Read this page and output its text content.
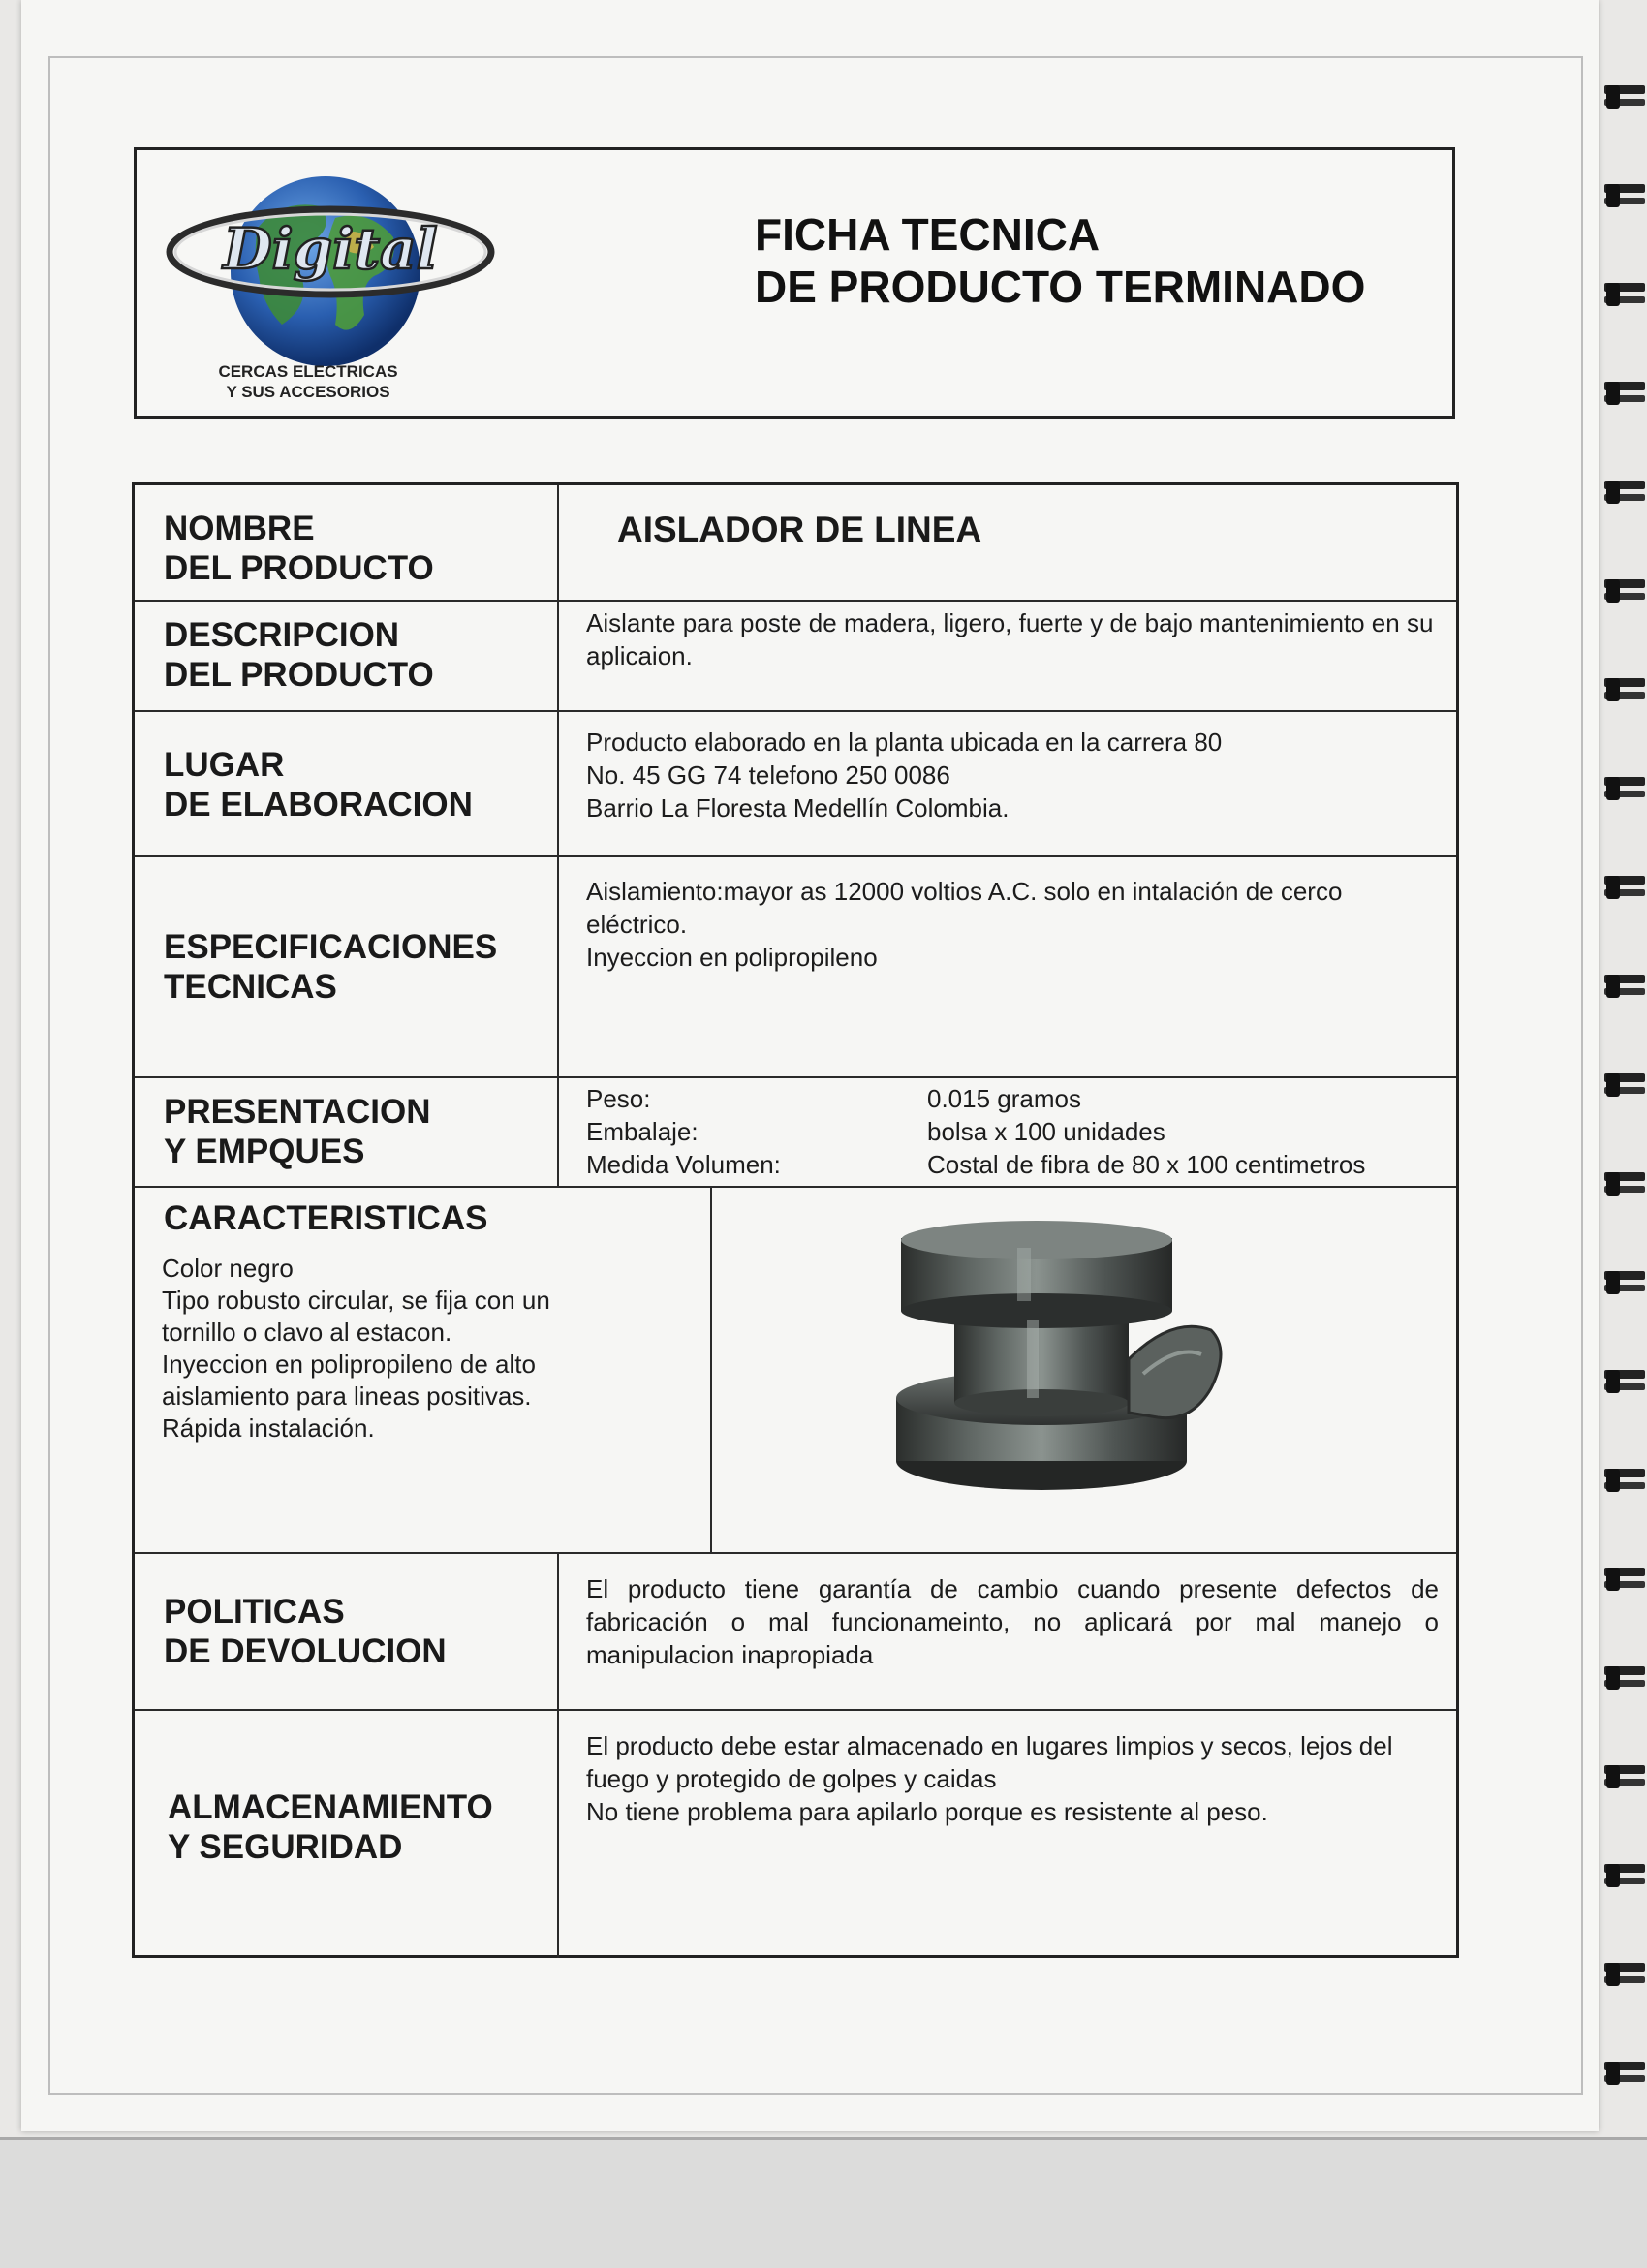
Digital
CERCAS ELECTRICAS
Y SUS ACCESORIOS
FICHA TECNICA
DE PRODUCTO TERMINADO
NOMBRE
DEL PRODUCTO
AISLADOR DE LINEA
DESCRIPCION
DEL PRODUCTO
Aislante para poste de madera, ligero, fuerte y de bajo mantenimiento en su aplicaion.
LUGAR
DE ELABORACION
Producto elaborado en la planta ubicada en la carrera 80
No. 45 GG 74 telefono 250 0086
Barrio La Floresta Medellín Colombia.
ESPECIFICACIONES
TECNICAS
Aislamiento:mayor as 12000 voltios A.C. solo en intalación de cerco eléctrico.
Inyeccion en polipropileno
PRESENTACION
Y EMPQUES
Peso:
Embalaje:
Medida Volumen:
0.015 gramos
bolsa x 100 unidades
Costal de fibra de 80 x 100 centimetros
CARACTERISTICAS
Color negro
Tipo robusto circular, se fija con un tornillo o clavo al estacon.
Inyeccion en polipropileno de alto aislamiento para lineas positivas.
Rápida instalación.
POLITICAS
DE DEVOLUCION
El producto tiene garantía de cambio cuando presente defectos de fabricación o mal funcionameinto, no aplicará por mal manejo o manipulacion inapropiada
ALMACENAMIENTO
Y SEGURIDAD
El producto debe estar almacenado en lugares limpios y secos, lejos del fuego y protegido de golpes y caidas
No tiene problema para apilarlo porque es resistente al peso.
